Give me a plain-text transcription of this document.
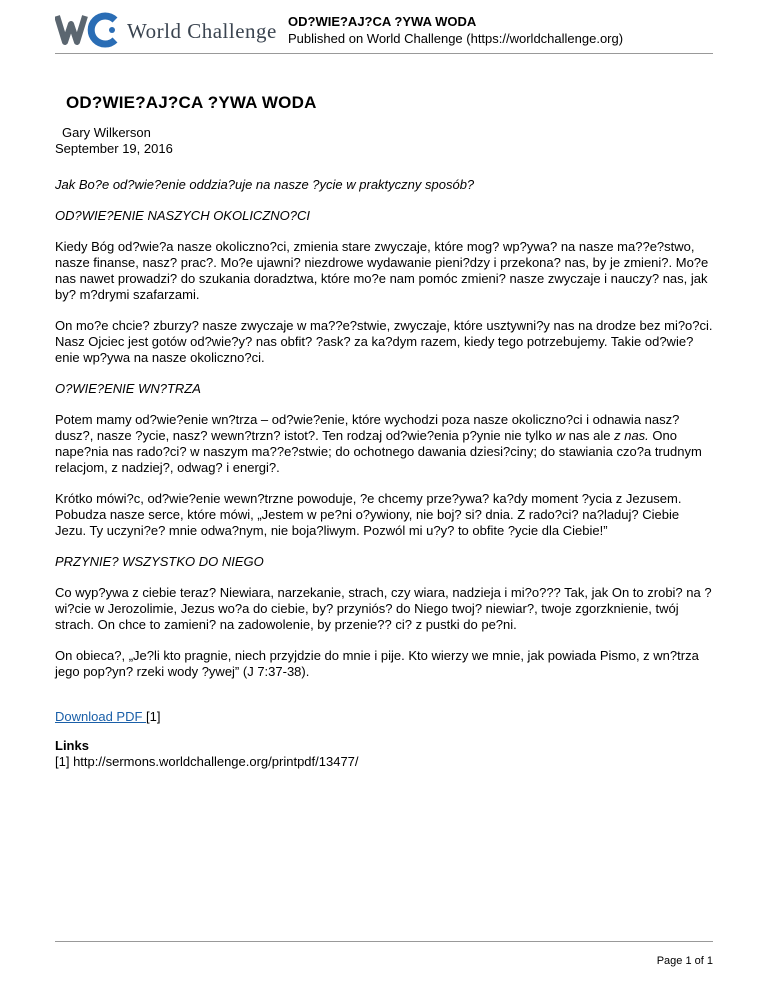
World Challenge OD?WIE?AJ?CA ?YWA WODA
Published on World Challenge (https://worldchallenge.org)
OD?WIE?AJ?CA ?YWA WODA
Gary Wilkerson
September 19, 2016

Jak Bo?e od?wie?enie oddzia?uje na nasze ?ycie w praktyczny sposób?

OD?WIE?ENIE NASZYCH OKOLICZNO?CI

Kiedy Bóg od?wie?a nasze okoliczno?ci, zmienia stare zwyczaje, które mog? wp?ywa? na nasze ma??e?stwo, nasze finanse, nasz? prac?. Mo?e ujawni? niezdrowe wydawanie pieni?dzy i przekona? nas, by je zmieni?. Mo?e nas nawet prowadzi? do szukania doradztwa, które mo?e nam pomóc zmieni? nasze zwyczaje i nauczy? nas, jak by? m?drymi szafarzami.

On mo?e chcie? zburzy? nasze zwyczaje w ma??e?stwie, zwyczaje, które usztywni?y nas na drodze bez mi?o?ci. Nasz Ojciec jest gotów od?wie?y? nas obfit? ?ask? za ka?dym razem, kiedy tego potrzebujemy. Takie od?wie?enie wp?ywa na nasze okoliczno?ci.

O?WIE?ENIE WN?TRZA

Potem mamy od?wie?enie wn?trza – od?wie?enie, które wychodzi poza nasze okoliczno?ci i odnawia nasz? dusz?, nasze ?ycie, nasz? wewn?trzn? istot?. Ten rodzaj od?wie?enia p?ynie nie tylko w nas ale z nas. Ono nape?nia nas rado?ci? w naszym ma??e?stwie; do ochotnego dawania dziesi?ciny; do stawiania czo?a trudnym relacjom, z nadziej?, odwag? i energi?.

Krótko mówi?c, od?wie?enie wewn?trzne powoduje, ?e chcemy prze?ywa? ka?dy moment ?ycia z Jezusem. Pobudza nasze serce, które mówi, „Jestem w pe?ni o?ywiony, nie boj? si? dnia. Z rado?ci? na?laduj? Ciebie Jezu. Ty uczyni?e? mnie odwa?nym, nie boja?liwym. Pozwól mi u?y? to obfite ?ycie dla Ciebie!”

PRZYNIE? WSZYSTKO DO NIEGO

Co wyp?ywa z ciebie teraz? Niewiara, narzekanie, strach, czy wiara, nadzieja i mi?o??? Tak, jak On to zrobi? na ?wi?cie w Jerozolimie, Jezus wo?a do ciebie, by? przyniós? do Niego twoj? niewiar?, twoje zgorzknienie, twój strach. On chce to zamieni? na zadowolenie, by przenie?? ci? z pustki do pe?ni.

On obieca?, „Je?li kto pragnie, niech przyjdzie do mnie i pije. Kto wierzy we mnie, jak powiada Pismo, z wn?trza jego pop?yn? rzeki wody ?ywej” (J 7:37-38).

Download PDF [1]

Links

[1] http://sermons.worldchallenge.org/printpdf/13477/

Page 1 of 1
